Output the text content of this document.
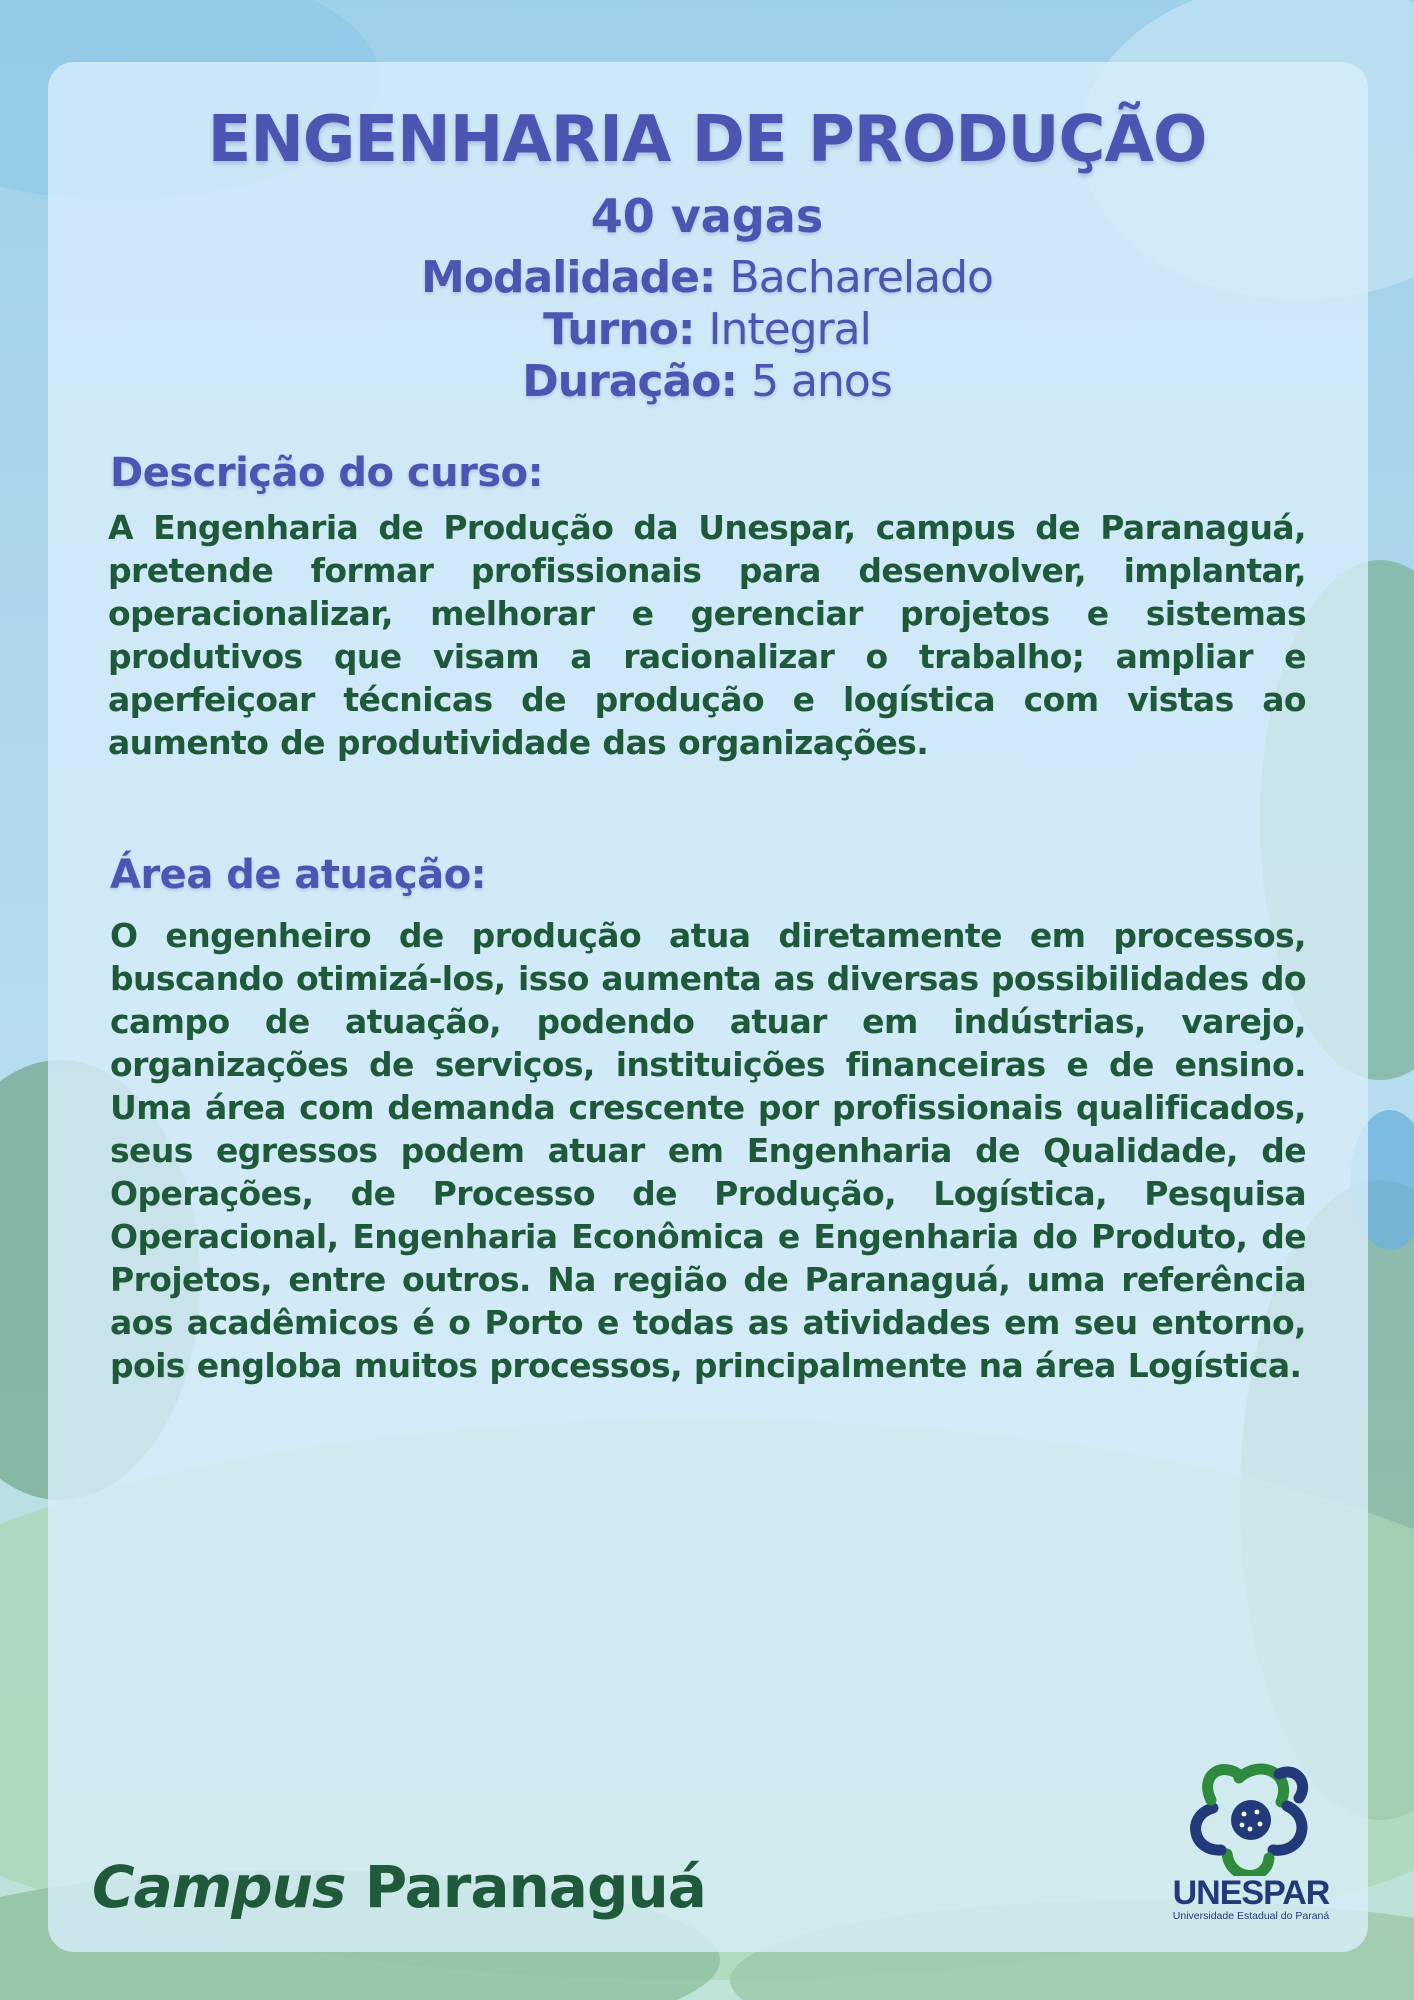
ENGENHARIA DE PRODUÇÃO
40 vagas
Modalidade: Bacharelado
Turno: Integral
Duração: 5 anos
Descrição do curso:

A Engenharia de Produção da Unespar, campus de Paranaguá, pretende formar profissionais para desenvolver, implantar, operacionalizar, melhorar e gerenciar projetos e sistemas produtivos que visam a racionalizar o trabalho; ampliar e aperfeiçoar técnicas de produção e logística com vistas ao aumento de produtividade das organizações.

Área de atuação:

O engenheiro de produção atua diretamente em processos, buscando otimizá-los, isso aumenta as diversas possibilidades do campo de atuação, podendo atuar em indústrias, varejo, organizações de serviços, instituições financeiras e de ensino. Uma área com demanda crescente por profissionais qualificados, seus egressos podem atuar em Engenharia de Qualidade, de Operações, de Processo de Produção, Logística, Pesquisa Operacional, Engenharia Econômica e Engenharia do Produto, de Projetos, entre outros. Na região de Paranaguá, uma referência aos acadêmicos é o Porto e todas as atividades em seu entorno, pois engloba muitos processos, principalmente na área Logística.

Campus Paranaguá	UNESPAR
Universidade Estadual do Paraná
